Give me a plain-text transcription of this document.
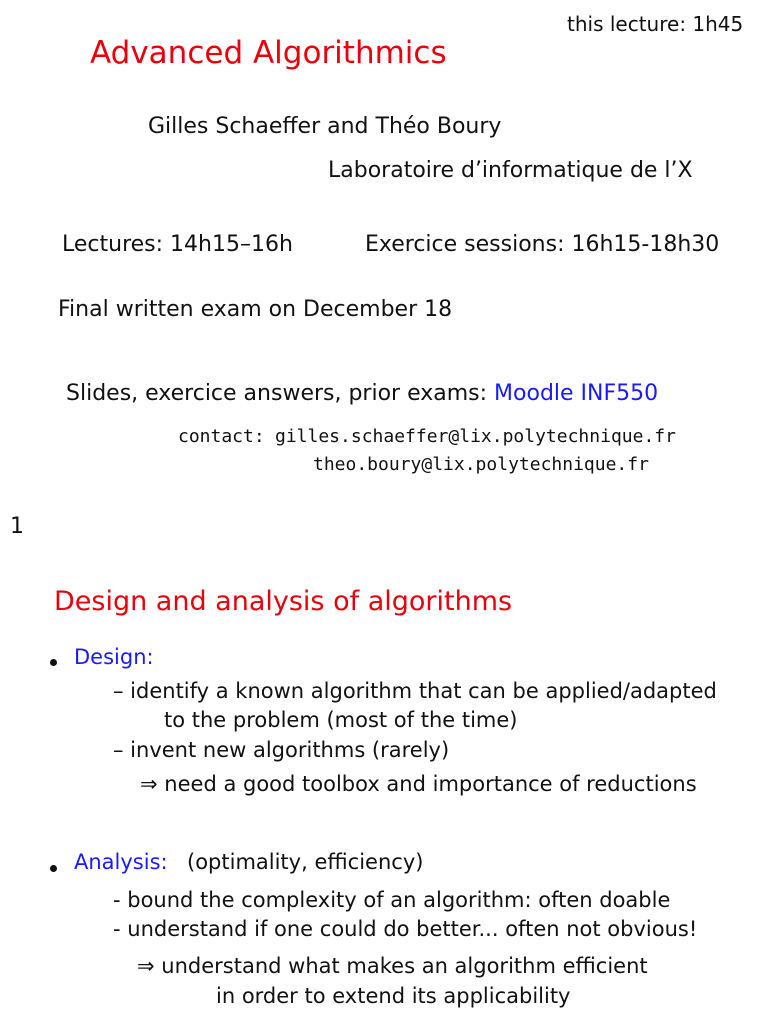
this lecture: 1h45
Advanced Algorithmics
Gilles Schaeffer and Théo Boury
Laboratoire d’informatique de l’X
Lectures: 14h15–16h	Exercice sessions: 16h15-18h30
Final written exam on December 18
Slides, exercice answers, prior exams: Moodle INF550
contact: gilles.schaeffer@lix.polytechnique.fr
theo.boury@lix.polytechnique.fr
1
Design and analysis of algorithms
Design:
– identify a known algorithm that can be applied/adapted
to the problem (most of the time)
– invent new algorithms (rarely)
⇒ need a good toolbox and importance of reductions
Analysis: (optimality, efficiency)
- bound the complexity of an algorithm: often doable
- understand if one could do better... often not obvious!
⇒ understand what makes an algorithm efficient
in order to extend its applicability
